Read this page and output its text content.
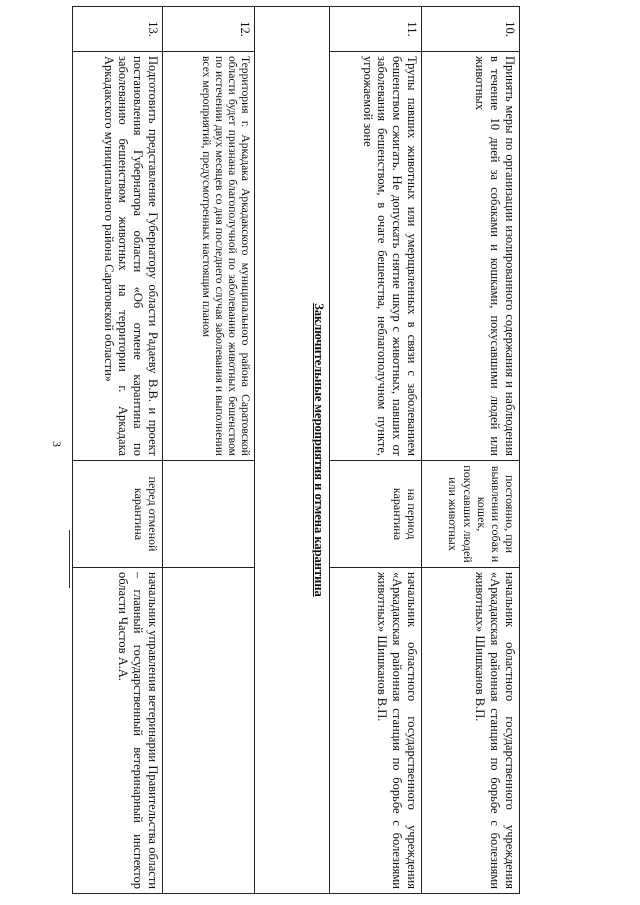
3
10.	Принять меры по организации изолированного содержания и наблюдения в течение 10 дней за собаками и кошками, покусавшими людей или животных	постоянно, при выявлении собак и кошек, покусавших людей или животных	начальник областного государственного учреждения «Аркадакская районная станция по борьбе с болезнями животных» Шишканов В.П.
11.	Трупы павших животных или умерщвленных в связи с заболеванием бешенством сжигать. Не допускать снятие шкур с животных, павших от заболевания бешенством, в очаге бешенства, неблагополучном пункте, угрожаемой зоне	на период карантина	начальник областного государственного учреждения «Аркадакская районная станция по борьбе с болезнями животных» Шишканов В.П.
Заключительные мероприятия и отмена карантина			
12.	Территория г. Аркадака Аркадакского муниципального района Саратовской области будет признана благополучной по заболеванию животных бешенством по истечении двух месяцев со дня последнего случая заболевания и выполнении всех мероприятий, предусмотренных настоящим планом		
13.	Подготовить представление Губернатору области Радаеву В.В. и проект постановления Губернатора области «Об отмене карантина по заболеванию бешенством животных на территории г. Аркадака Аркадакского муниципального района Саратовской области»	перед отменой карантина	начальник управления ветеринарии Правительства области – главный государственный ветеринарный инспектор области Частов А.А.
